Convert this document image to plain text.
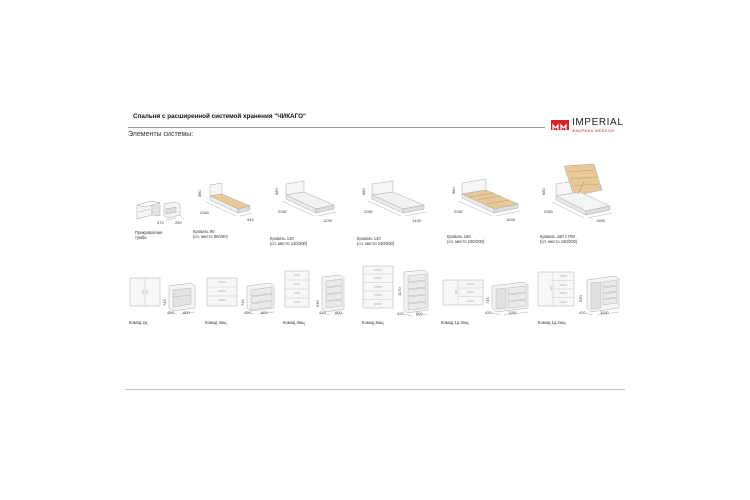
Спальня с расширенной системой хранения "ЧИКАГО"
Элементы системы:
IMPERIAL
ФАБРИКА МЕБЕЛИ
370	280
Прикроватная
тумба
880
2060
945
Кровать 90
(сп. место 90/200)
880
2060
1245
Кровать 120
(сп. место 120/200)
880
2060
1445
Кровать 140
(сп. место 140/200)
880
2060
1645
Кровать 160
(сп. место 160/200)
880
2060
1665
Кровать 160 с ПМ
(сп. место 160/200)
745
420 800
Комод 2д
745
420	800
Комод 3нщ
930
420 600
Комод 4нщ
1170
420	600
Комод 5нщ
745
420	1150
Комод 1д 3нщ
930
420	1100
Комод 1д 4нщ
